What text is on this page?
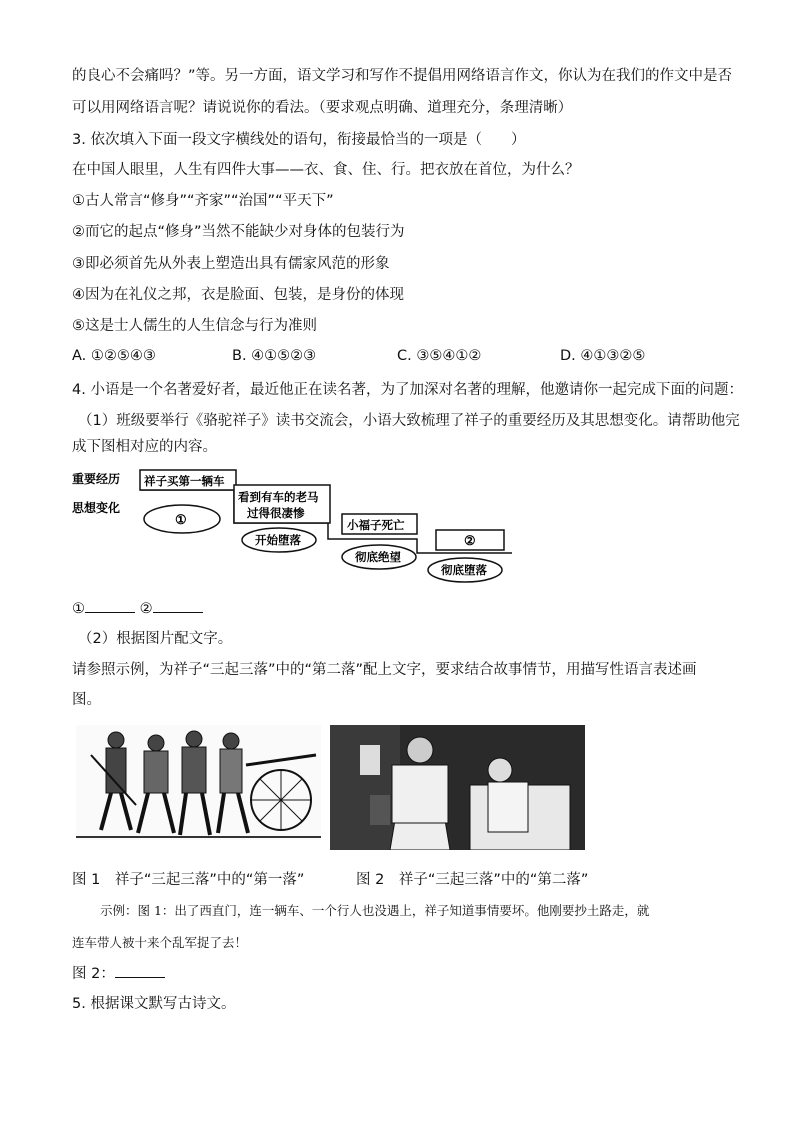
的良心不会痛吗？”等。另一方面，语文学习和写作不提倡用网络语言作文，你认为在我们的作文中是否
可以用网络语言呢？请说说你的看法。（要求观点明确、道理充分，条理清晰）
3. 依次填入下面一段文字横线处的语句，衔接最恰当的一项是（　　）
在中国人眼里，人生有四件大事——衣、食、住、行。把衣放在首位，为什么？
①古人常言“修身”“齐家”“治国”“平天下”
②而它的起点“修身”当然不能缺少对身体的包装行为
③即必须首先从外表上塑造出具有儒家风范的形象
④因为在礼仪之邦，衣是脸面、包装，是身份的体现
⑤这是士人儒生的人生信念与行为准则
A. ①②⑤④③	B. ④①⑤②③	C. ③⑤④①②	D. ④①③②⑤
4. 小语是一个名著爱好者，最近他正在读名著，为了加深对名著的理解，他邀请你一起完成下面的问题：
（1）班级要举行《骆驼祥子》读书交流会，小语大致梳理了祥子的重要经历及其思想变化。请帮助他完
成下图相对应的内容。
重要经历
思想变化
祥子买第一辆车
看到有车的老马
过得很凄惨
小福子死亡
②
①
开始堕落
彻底绝望
彻底堕落
①	②
（2）根据图片配文字。
请参照示例，为祥子“三起三落”中的“第二落”配上文字，要求结合故事情节，用描写性语言表述画
图。
图 1　祥子“三起三落”中的“第一落”	图 2　祥子“三起三落”中的“第二落”
示例：图 1：出了西直门，连一辆车、一个行人也没遇上，祥子知道事情要坏。他刚要抄土路走，就
连车带人被十来个乱军捉了去！
图 2：
5. 根据课文默写古诗文。
